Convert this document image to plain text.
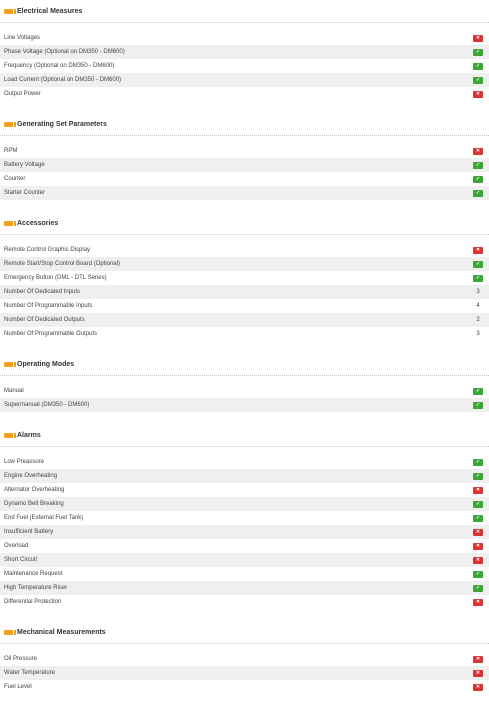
Electrical Measures
Line Voltages	✕
Phase Voltage (Optional on DM350 - DM600)	✓
Frequency (Optional on DM350 - DM600)	✓
Load Current (Optional on DM350 - DM600)	✓
Output Power	✕
Generating Set Parameters
RPM	✕
Battery Voltage	✓
Counter	✓
Starter Counter	✓
Accessories
Remote Control Graphic Display	✕
Remote Start/Stop Control Board (Optional)	✓
Emergency Button (DML - DTL Series)	✓
Number Of Dedicated Inputs	3
Number Of Programmable Inputs	4
Number Of Dedicated Outputs	2
Number Of Programmable Outputs	3
Operating Modes
Manual	✓
Supermanual (DM350 - DM600)	✓
Alarms
Low Preassure	✓
Engine Overheating	✓
Alternator Overheating	✕
Dynamo Belt Breaking	✓
End Fuel (External Fuel Tank)	✓
Insufficient Battery	✕
Overload	✕
Short Circuit	✕
Maintenance Request	✓
High Temperature Riser	✓
Differential Protection	✕
Mechanical Measurements
Oil Pressure	✕
Water Temperature	✕
Fuel Level	✕
